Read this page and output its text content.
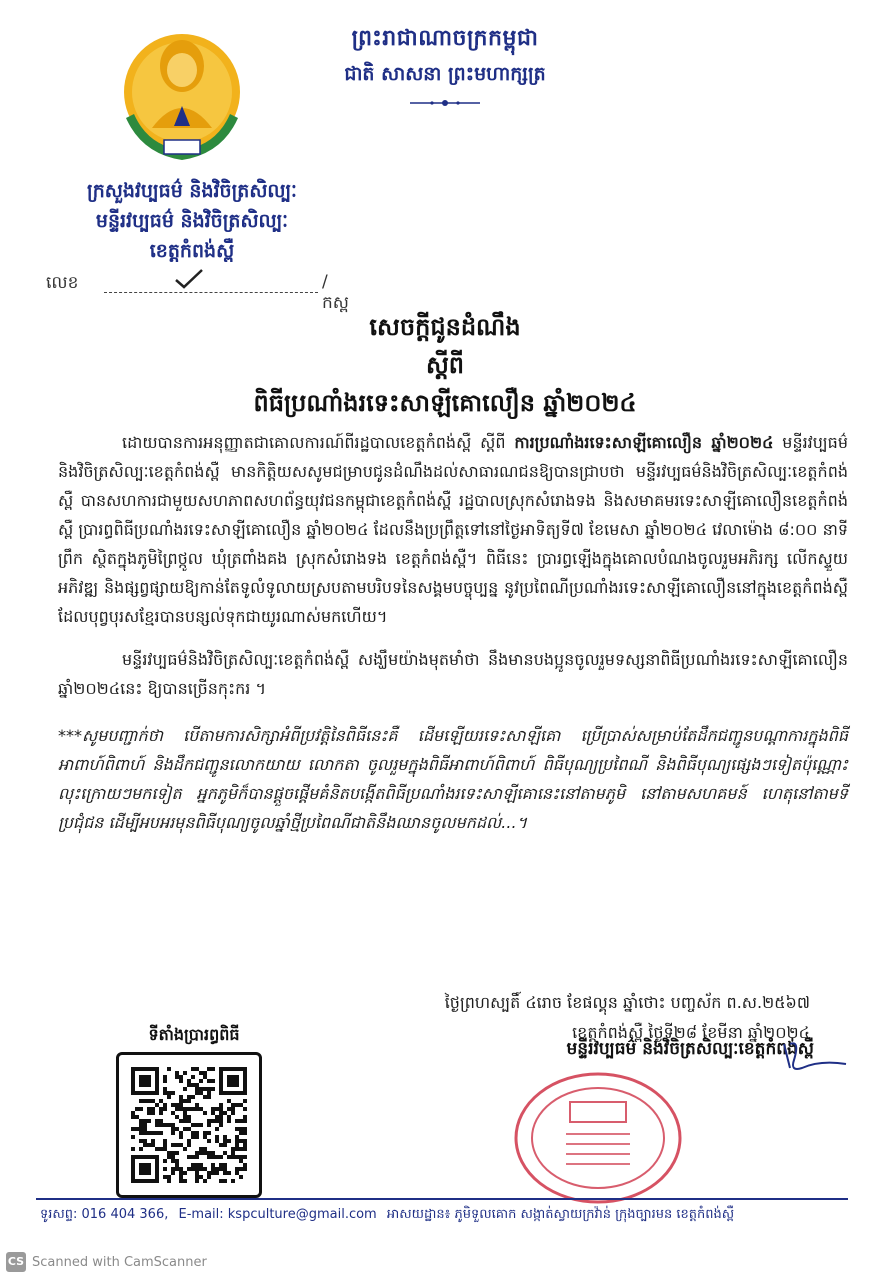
ព្រះរាជាណាចក្រកម្ពុជា
ជាតិ សាសនា ព្រះមហាក្សត្រ
ក្រសួងវប្បធម៌ និងវិចិត្រសិល្បៈ
មន្ទីរវប្បធម៌ និងវិចិត្រសិល្បៈ
ខេត្តកំពង់ស្ពឺ
លេខ	/កស្ព
សេចក្តីជូនដំណឹង
ស្តីពី
ពិធីប្រណាំងរទេះសាឡីគោលឿន ឆ្នាំ២០២៤

ដោយបានការអនុញ្ញាតជាគោលការណ៍ពីរដ្ឋបាលខេត្តកំពង់ស្ពឺ ស្តីពី ការប្រណាំងរទេះសាឡីគោលឿន ឆ្នាំ២០២៤ មន្ទីរវប្បធម៌ និងវិចិត្រសិល្បៈខេត្តកំពង់ស្ពឺ មានកិត្តិយសសូមជម្រាបជូនដំណឹងដល់សាធារណជនឱ្យបានជ្រាបថា មន្ទីរវប្បធម៌និងវិចិត្រសិល្បៈខេត្តកំពង់ស្ពឺ បានសហការជាមួយសហភាពសហព័ន្ធយុវជនកម្ពុជាខេត្តកំពង់ស្ពឺ រដ្ឋបាលស្រុកសំរោងទង និងសមាគមរទេះសាឡីគោលឿនខេត្តកំពង់ស្ពឺ ប្រារព្ធពិធីប្រណាំងរទេះសាឡីគោលឿន ឆ្នាំ២០២៤ ដែលនឹងប្រព្រឹត្តទៅនៅថ្ងៃអាទិត្យទី៧ ខែមេសា ឆ្នាំ២០២៤ វេលាម៉ោង ៨:០០ នាទីព្រឹក ស្ថិតក្នុងភូមិព្រៃថ្កូល ឃុំត្រពាំងគង ស្រុកសំរោងទង ខេត្តកំពង់ស្ពឺ។ ពិធីនេះ ប្រារព្ធឡើងក្នុងគោលបំណងចូលរួមអភិរក្ស លើកស្ទួយ អភិវឌ្ឍ និងផ្សព្វផ្សាយឱ្យកាន់តែទូលំទូលាយស្របតាមបរិបទនៃសង្គមបច្ចុប្បន្ន នូវប្រពៃណីប្រណាំងរទេះសាឡីគោលឿននៅក្នុងខេត្តកំពង់ស្ពឺ ដែលបុព្វបុរសខ្មែរបានបន្សល់ទុកជាយូរណាស់មកហើយ។

មន្ទីរវប្បធម៌និងវិចិត្រសិល្បៈខេត្តកំពង់ស្ពឺ សង្ឃឹមយ៉ាងមុតមាំថា នឹងមានបងប្អូនចូលរួមទស្សនាពិធីប្រណាំងរទេះសាឡីគោលឿន ឆ្នាំ២០២៤នេះ ឱ្យបានច្រើនកុះករ ។

***សូមបញ្ជាក់ថា បើតាមការសិក្សាអំពីប្រវត្តិនៃពិធីនេះគឺ ដើមឡើយរទេះសាឡីគោ ប្រើប្រាស់សម្រាប់តែដឹកជញ្ជូនបណ្តាការក្នុងពិធីអាពាហ៍ពិពាហ៍ និងដឹកជញ្ជូនលោកយាយ លោកតា ចូលរួមក្នុងពិធីអាពាហ៍ពិពាហ៍ ពិធីបុណ្យប្រពៃណី និងពិធីបុណ្យផ្សេងៗទៀតប៉ុណ្ណោះ លុះក្រោយៗមកទៀត អ្នកភូមិក៏បានផ្តួចផ្តើមគំនិតបង្កើតពិធីប្រណាំងរទេះសាឡីគោនេះនៅតាមភូមិ នៅតាមសហគមន៍ ហេតុនៅតាមទីប្រជុំជន ដើម្បីអបអរមុនពិធីបុណ្យចូលឆ្នាំថ្មីប្រពៃណីជាតិនឹងឈានចូលមកដល់...។

ថ្ងៃព្រហស្បតិ៍ ៤រោច ខែផល្គុន ឆ្នាំថោះ បញ្ចស័ក ព.ស.២៥៦៧
ខេត្តកំពង់ស្ពឺ ថ្ងៃទី២៨ ខែមីនា ឆ្នាំ២០២៤
មន្ទីរវប្បធម៌ និងវិចិត្រសិល្បៈខេត្តកំពង់ស្ពឺ
ទីតាំងប្រារព្ធពិធី
ទូរសព្ទ: 016 404 366, E-mail: kspculture@gmail.com អាសយដ្ឋាន៖ ភូមិទួលគោក សង្កាត់ស្វាយក្រវ៉ាន់ ក្រុងច្បារមន ខេត្តកំពង់ស្ពឺ
CS Scanned with CamScanner
